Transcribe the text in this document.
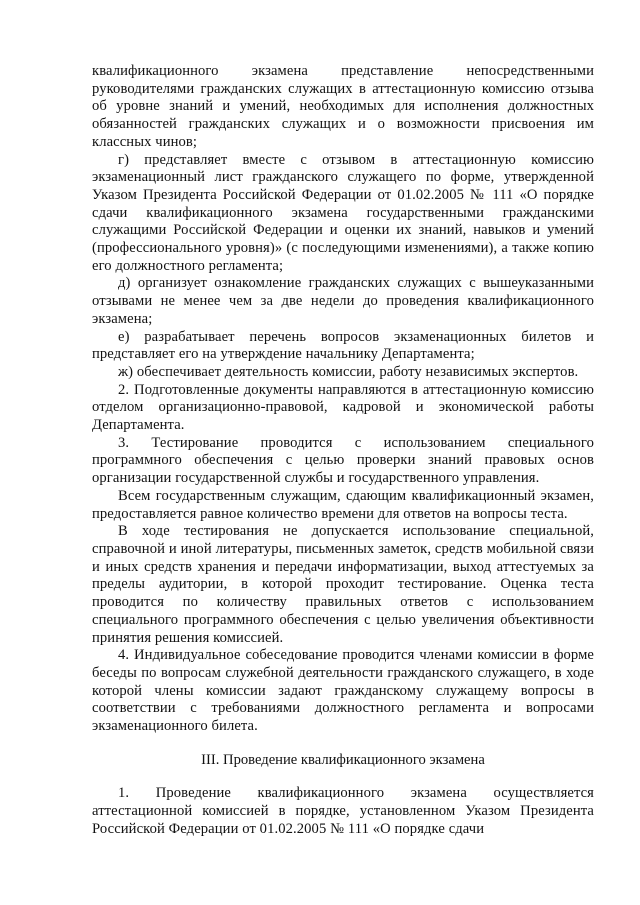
квалификационного экзамена представление непосредственными руководителями гражданских служащих в аттестационную комиссию отзыва об уровне знаний и умений, необходимых для исполнения должностных обязанностей гражданских служащих и о возможности присвоения им классных чинов;

г) представляет вместе с отзывом в аттестационную комиссию экзаменационный лист гражданского служащего по форме, утвержденной Указом Президента Российской Федерации от 01.02.2005 № 111 «О порядке сдачи квалификационного экзамена государственными гражданскими служащими Российской Федерации и оценки их знаний, навыков и умений (профессионального уровня)» (с последующими изменениями), а также копию его должностного регламента;

д) организует ознакомление гражданских служащих с вышеуказанными отзывами не менее чем за две недели до проведения квалификационного экзамена;

е) разрабатывает перечень вопросов экзаменационных билетов и представляет его на утверждение начальнику Департамента;

ж) обеспечивает деятельность комиссии, работу независимых экспертов.

2. Подготовленные документы направляются в аттестационную комиссию отделом организационно-правовой, кадровой и экономической работы Департамента.

3. Тестирование проводится с использованием специального программного обеспечения с целью проверки знаний правовых основ организации государственной службы и государственного управления.

Всем государственным служащим, сдающим квалификационный экзамен, предоставляется равное количество времени для ответов на вопросы теста.

В ходе тестирования не допускается использование специальной, справочной и иной литературы, письменных заметок, средств мобильной связи и иных средств хранения и передачи информатизации, выход аттестуемых за пределы аудитории, в которой проходит тестирование. Оценка теста проводится по количеству правильных ответов с использованием специального программного обеспечения с целью увеличения объективности принятия решения комиссией.

4. Индивидуальное собеседование проводится членами комиссии в форме беседы по вопросам служебной деятельности гражданского служащего, в ходе которой члены комиссии задают гражданскому служащему вопросы в соответствии с требованиями должностного регламента и вопросами экзаменационного билета.

III. Проведение квалификационного экзамена

1. Проведение квалификационного экзамена осуществляется аттестационной комиссией в порядке, установленном Указом Президента Российской Федерации от 01.02.2005 № 111 «О порядке сдачи
